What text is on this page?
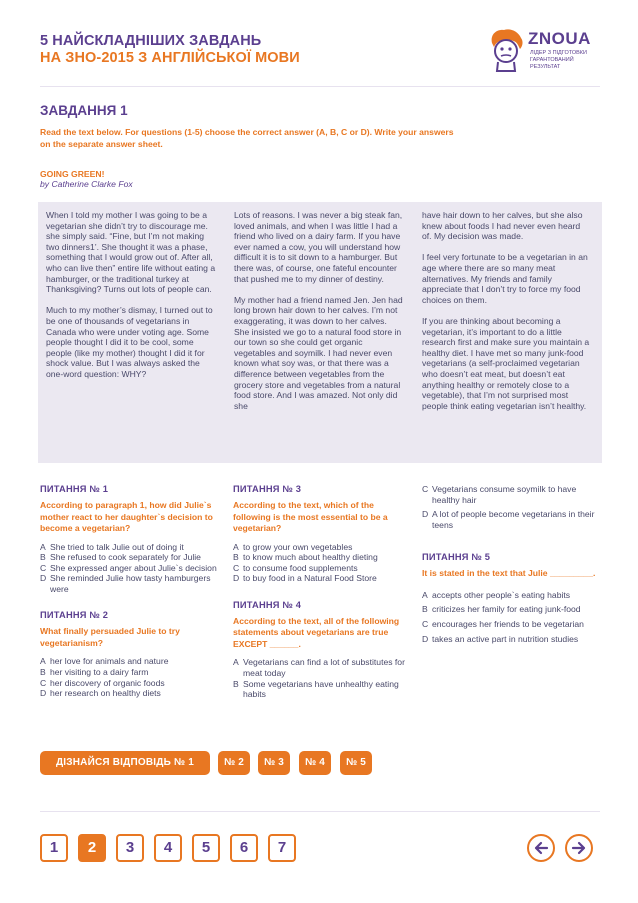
5 НАЙСКЛАДНІШИХ ЗАВДАНЬ
НА ЗНО-2015 З АНГЛІЙСЬКОЇ МОВИ
ZNOUA
ЛІДЕР З ПІДГОТОВКИ
ГАРАНТОВАНИЙ РЕЗУЛЬТАТ
ЗАВДАННЯ 1
Read the text below. For questions (1-5) choose the correct answer (A, B, C or D). Write your answers on the separate answer sheet.
GOING GREEN!
by Catherine Clarke Fox

When I told my mother I was going to be a vegetarian she didn’t try to discourage me. she simply said. “Fine, but I’m not making two dinners1’. She thought it was a phase, something that I would grow out of. After all, who can live then” entire life without eating a hamburger, or the traditional turkey at Thanksgiving? Turns out lots of people can.

Much to my mother’s dismay, I turned out to be one of thousands of vegetarians in Canada who were under voting age. Some people thought I did it to be cool, some people (like my mother) thought I did it for shock value. But I was always asked the one-word question: WHY?

Lots of reasons. I was never a big steak fan, loved animals, and when I was little I had a friend who lived on a dairy farm. If you have ever named a cow, you will understand how difficult it is to sit down to a hamburger. But there was, of course, one fateful encounter that pushed me to my dinner of destiny.

My mother had a friend named Jen. Jen had long brown hair down to her calves. I’m not exaggerating, it was down to her calves. She insisted we go to a natural food store in our town so she could get organic vegetables and soymilk. I had never even known what soy was, or that there was a difference between vegetables from the grocery store and vegetables from a natural food store. And I was amazed. Not only did she

have hair down to her calves, but she also knew about foods I had never even heard of. My decision was made.

I feel very fortunate to be a vegetarian in an age where there are so many meat alternatives. My friends and family appreciate that I don’t try to force my food choices on them.

If you are thinking about becoming a vegetarian, it’s important to do a little research first and make sure you maintain a healthy diet. I have met so many junk-food vegetarians (a self-proclaimed vegetarian who doesn’t eat meat, but doesn’t eat anything healthy or remotely close to a vegetable), that I’m not surprised most people think eating vegetarian isn’t healthy.

ПИТАННЯ № 1
According to paragraph 1, how did Julie`s mother react to her daughter`s decision to become a vegetarian?
A She tried to talk Julie out of doing it
B She refused to cook separately for Julie
C She expressed anger about Julie`s decision
D She reminded Julie how tasty hamburgers were
ПИТАННЯ № 2
What finally persuaded Julie to try vegetarianism?
A her love for animals and nature
B her visiting to a dairy farm
C her discovery of organic foods
D her research on healthy diets
ПИТАННЯ № 3
According to the text, which of the following is the most essential to be a vegetarian?
A to grow your own vegetables
B to know much about healthy dieting
C to consume food supplements
D to buy food in a Natural Food Store
ПИТАННЯ № 4
According to the text, all of the following statements about vegetarians are true EXCEPT ______.
A Vegetarians can find a lot of substitutes for meat today
B Some vegetarians have unhealthy eating habits
C Vegetarians consume soymilk to have healthy hair
D A lot of people become vegetarians in their teens
ПИТАННЯ № 5
It is stated in the text that Julie _________.
A accepts other people`s eating habits
B criticizes her family for eating junk-food
C encourages her friends to be vegetarian
D takes an active part in nutrition studies
ДІЗНАЙСЯ ВІДПОВІДЬ № 1	№ 2	№ 3	№ 4	№ 5
1	2	3	4	5	6	7
